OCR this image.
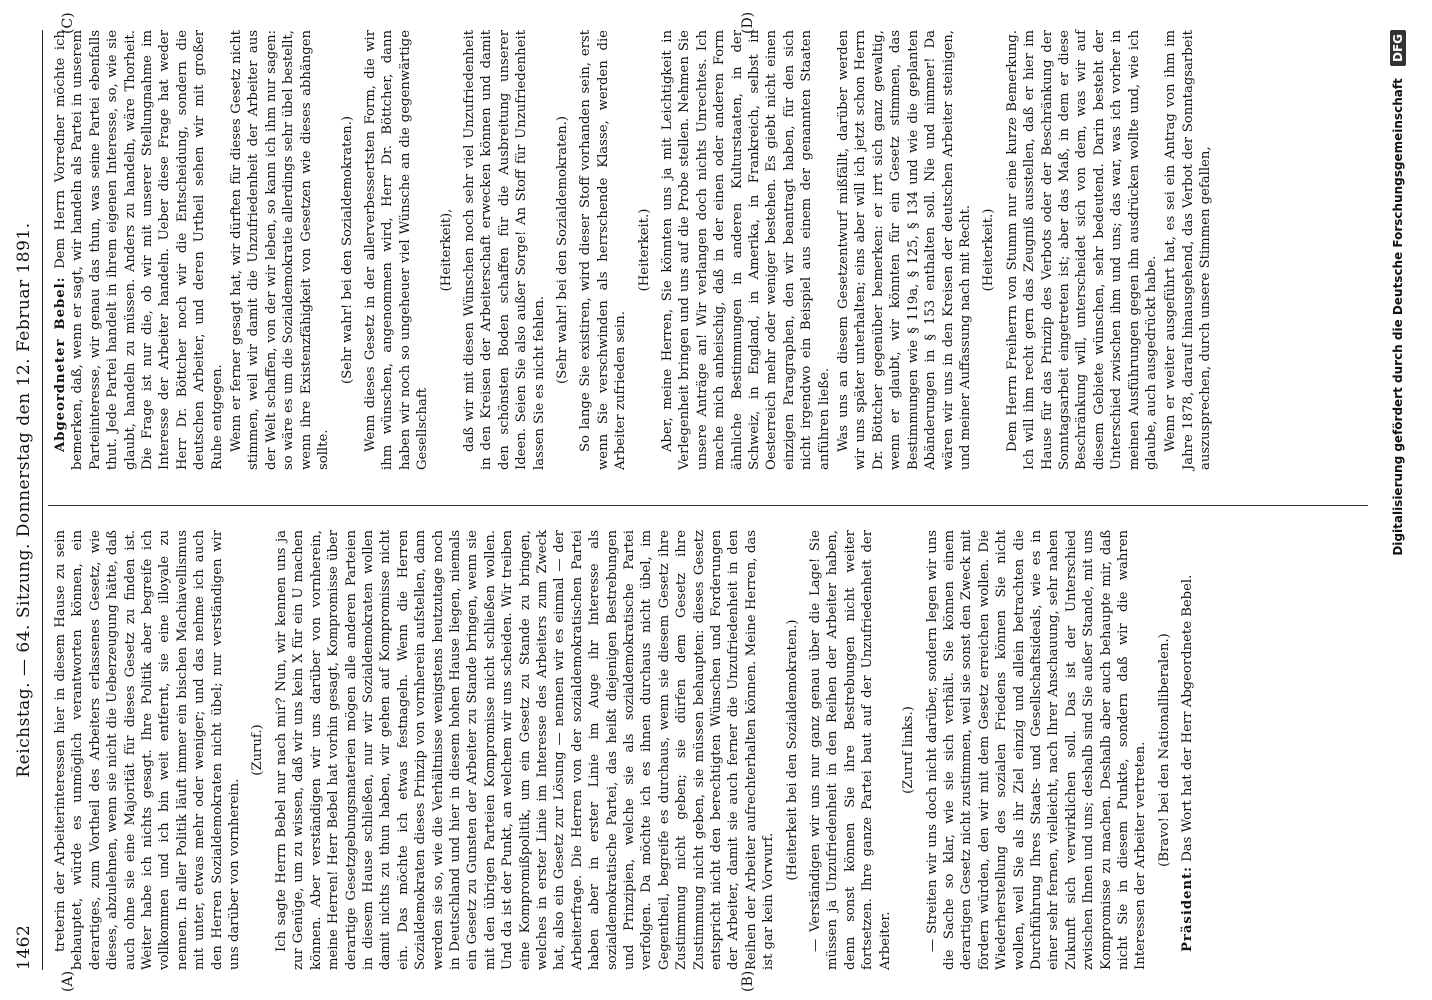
1462
Reichstag. — 64. Sitzung. Donnerstag den 12. Februar 1891.
(A)	(B)
(C)	(D)

treterin der Arbeiterinteressen hier in diesem Hause zu sein behauptet, würde es unmöglich verantworten können, ein derartiges, zum Vortheil des Arbeiters erlassenes Gesetz, wie dieses, abzulehnen, wenn sie nicht die Ueberzeugung hätte, daß auch ohne sie eine Majorität für dieses Gesetz zu finden ist. Weiter habe ich nichts gesagt. Ihre Politik aber begreife ich vollkommen und ich bin weit entfernt, sie eine illoyale zu nennen. In aller Politik läuft immer ein bischen Machiavellismus mit unter, etwas mehr oder weniger; und das nehme ich auch den Herren Sozialdemokraten nicht übel; nur verständigen wir uns darüber von vornherein.

(Zuruf.) Ich sagte Herrn Bebel nur nach mir? Nun, wir kennen uns ja zur Genüge, um zu wissen, daß wir uns kein X für ein U machen können. Aber verständigen wir uns darüber von vornherein, meine Herren! Herr Bebel hat vorhin gesagt, Kompromisse über derartige Gesetzgebungsmaterien mögen alle anderen Parteien in diesem Hause schließen, nur wir Sozialdemokraten wollen damit nichts zu thun haben, wir gehen auf Kompromisse nicht ein. Das möchte ich etwas festnageln. Wenn die Herren Sozialdemokraten dieses Prinzip von vornherein aufstellen, dann werden sie so, wie die Verhältnisse wenigstens heutzutage noch in Deutschland und hier in diesem hohen Hause liegen, niemals ein Gesetz zu Gunsten der Arbeiter zu Stande bringen, wenn sie mit den übrigen Parteien Kompromisse nicht schließen wollen. Und da ist der Punkt, an welchem wir uns scheiden. Wir treiben eine Kompromißpolitik, um ein Gesetz zu Stande zu bringen, welches in erster Linie im Interesse des Arbeiters zum Zweck hat, also ein Gesetz zur Lösung — nennen wir es einmal — der Arbeiterfrage. Die Herren von der sozialdemokratischen Partei haben aber in erster Linie im Auge ihr Interesse als sozialdemokratische Partei, das heißt diejenigen Bestrebungen und Prinzipien, welche sie als sozialdemokratische Partei verfolgen. Da möchte ich es ihnen durchaus nicht übel, im Gegentheil, begreife es durchaus, wenn sie diesem Gesetz ihre Zustimmung nicht geben; sie dürfen dem Gesetz ihre Zustimmung nicht geben, sie müssen behaupten: dieses Gesetz entspricht nicht den berechtigten Wünschen und Forderungen der Arbeiter, damit sie auch ferner die Unzufriedenheit in den Reihen der Arbeiter aufrechterhalten können. Meine Herren, das ist gar kein Vorwurf.

(Heiterkeit bei den Sozialdemokraten.) — Verständigen wir uns nur ganz genau über die Lage! Sie müssen ja Unzufriedenheit in den Reihen der Arbeiter haben, denn sonst können Sie ihre Bestrebungen nicht weiter fortsetzen. Ihre ganze Partei baut auf der Unzufriedenheit der Arbeiter.

(Zuruf links.) — Streiten wir uns doch nicht darüber, sondern legen wir uns die Sache so klar, wie sie sich verhält. Sie können einem derartigen Gesetz nicht zustimmen, weil sie sonst den Zweck mit fördern würden, den wir mit dem Gesetz erreichen wollen. Die Wiederherstellung des sozialen Friedens können Sie nicht wollen, weil Sie als ihr Ziel einzig und allein betrachten die Durchführung Ihres Staats- und Gesellschaftsideals, wie es in einer sehr fernen, vielleicht, nach Ihrer Anschauung, sehr nahen Zukunft sich verwirklichen soll. Das ist der Unterschied zwischen Ihnen und uns; deshalb sind Sie außer Stande, mit uns Kompromisse zu machen. Deshalb aber auch behaupte mir, daß nicht Sie in diesem Punkte, sondern daß wir die wahren Interessen der Arbeiter vertreten. (Bravo! bei den Nationalliberalen.)

Präsident: Das Wort hat der Herr Abgeordnete Bebel.

Abgeordneter Bebel: Dem Herrn Vorredner möchte ich bemerken, daß, wenn er sagt, wir handeln als Partei in unserem Parteiinteresse, wir genau das thun, was seine Partei ebenfalls thut. Jede Partei handelt in ihrem eigenen Interesse, so, wie sie glaubt, handeln zu müssen. Anders zu handeln, wäre Thorheit. Die Frage ist nur die, ob wir mit unserer Stellungnahme im Interesse der Arbeiter handeln. Ueber diese Frage hat weder Herr Dr. Böttcher noch wir die Entscheidung, sondern die deutschen Arbeiter, und deren Urtheil sehen wir mit großer Ruhe entgegen. Wenn er ferner gesagt hat, wir dürften für dieses Gesetz nicht stimmen, weil wir damit die Unzufriedenheit der Arbeiter aus der Welt schaffen, von der wir leben, so kann ich ihm nur sagen: so wäre es um die Sozialdemokratie allerdings sehr übel bestellt, wenn ihre Existenzfähigkeit von Gesetzen wie dieses abhängen sollte.

(Sehr wahr! bei den Sozialdemokraten.) Wenn dieses Gesetz in der allerverbessertsten Form, die wir ihm wünschen, angenommen wird, Herr Dr. Böttcher, dann haben wir noch so ungeheuer viel Wünsche an die gegenwärtige Gesellschaft

(Heiterkeit), daß wir mit diesen Wünschen noch sehr viel Unzufriedenheit in den Kreisen der Arbeiterschaft erwecken können und damit den schönsten Boden schaffen für die Ausbreitung unserer Ideen. Seien Sie also außer Sorge! An Stoff für Unzufriedenheit lassen Sie es nicht fehlen. (Sehr wahr! bei den Sozialdemokraten.) So lange Sie existiren, wird dieser Stoff vorhanden sein, erst wenn Sie verschwinden als herrschende Klasse, werden die Arbeiter zufrieden sein.

(Heiterkeit.) Aber, meine Herren, Sie könnten uns ja mit Leichtigkeit in Verlegenheit bringen und uns auf die Probe stellen. Nehmen Sie unsere Anträge an! Wir verlangen doch nichts Unrechtes. Ich mache mich anheischig, daß in der einen oder anderen Form ähnliche Bestimmungen in anderen Kulturstaaten, in der Schweiz, in England, in Amerika, in Frankreich, selbst in Oesterreich mehr oder weniger bestehen. Es giebt nicht einen einzigen Paragraphen, den wir beantragt haben, für den sich nicht irgendwo ein Beispiel aus einem der genannten Staaten anführen ließe. Was uns an diesem Gesetzentwurf mißfällt, darüber werden wir uns später unterhalten; eins aber will ich jetzt schon Herrn Dr. Böttcher gegenüber bemerken: er irrt sich ganz gewaltig, wenn er glaubt, wir könnten für ein Gesetz stimmen, das Bestimmungen wie § 119a, § 125, § 134 und wie die geplanten Abänderungen in § 153 enthalten soll. Nie und nimmer! Da wären wir uns in den Kreisen der deutschen Arbeiter steinigen, und meiner Auffassung nach mit Recht. (Heiterkeit.) Dem Herrn Freiherrn von Stumm nur eine kurze Bemerkung. Ich will ihm recht gern das Zeugniß ausstellen, daß er hier im Hause für das Prinzip des Verbots oder der Beschränkung der Sonntagsarbeit eingetreten ist; aber das Maß, in dem er diese Beschränkung will, unterscheidet sich von dem, was wir auf diesem Gebiete wünschen, sehr bedeutend. Darin besteht der Unterschied zwischen ihm und uns; das war, was ich vorher in meinen Ausführungen gegen ihn ausdrücken wollte und, wie ich glaube, auch ausgedrückt habe. Wenn er weiter ausgeführt hat, es sei ein Antrag von ihm im Jahre 1878, darauf hinausgehend, das Verbot der Sonntagsarbeit auszusprechen, durch unsere Stimmen gefallen,	Digitalisierung gefördert durch die Deutsche Forschungsgemeinschaft DFG
